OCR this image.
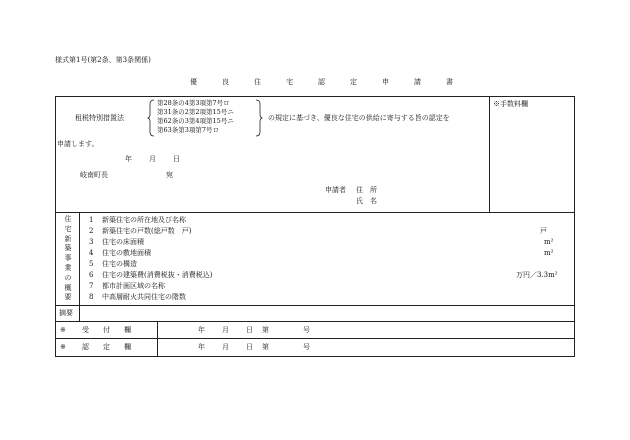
様式第1号(第2条、第3条関係)
優	良	住	宅	認	定	申	請	書
租税特別措置法
第28条の4第3項第7号ロ
第31条の2第2項第15号ニ
第62条の3第4項第15号ニ
第63条第3項第7号ロ
の規定に基づき、優良な住宅の供給に寄与する旨の認定を
申請します。
年 月 日
岐南町長	宛
申請者 住　所
氏　名
※手数料欄
住
宅
新
築
事
業
の
概
要
1 新築住宅の所在地及び名称
2 新築住宅の戸数(総戸数　戸)	戸
3 住宅の床面積	m²
4 住宅の敷地面積	m²
5 住宅の構造
6 住宅の建築費(消費税抜・消費税込)	万円／3.3m²
7 都市計画区域の名称
8 中高層耐火共同住宅の階数
摘要
※ 受　　付　　欄	年 月 日 第	号
※ 認　　定　　欄	年 月 日 第	号
